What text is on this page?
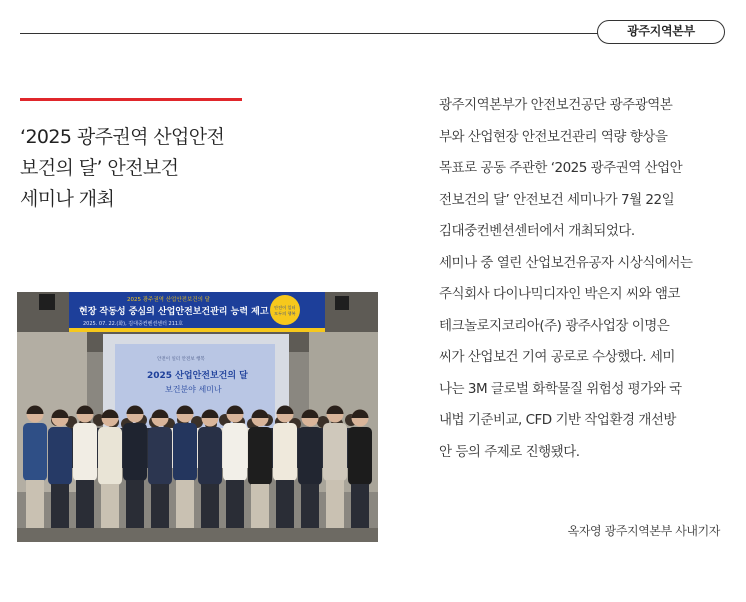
광주지역본부
‘2025 광주권역 산업안전
보건의 달’ 안전보건
세미나 개최
2025 광주권역 산업안전보건의 달
현장 작동성 중심의 산업안전보건관리 능력 제고
2025. 07. 22.(화), 김대중컨벤션센터 211호
안전이 일터
모두의 행복
안전이 일터 안전보 행복
2025 산업안전보건의 달
보건분야 세미나

광주지역본부가 안전보건공단 광주광역본
부와 산업현장 안전보건관리 역량 향상을
목표로 공동 주관한 ‘2025 광주권역 산업안
전보건의 달’ 안전보건 세미나가 7월 22일
김대중컨벤션센터에서 개최되었다.
세미나 중 열린 산업보건유공자 시상식에서는
주식회사 다이나믹디자인 박은지 씨와 앰코
테크놀로지코리아(주) 광주사업장 이명은
씨가 산업보건 기여 공로로 수상했다. 세미
나는 3M 글로벌 화학물질 위험성 평가와 국
내법 기준비교, CFD 기반 작업환경 개선방
안 등의 주제로 진행됐다.

옥자영 광주지역본부 사내기자
